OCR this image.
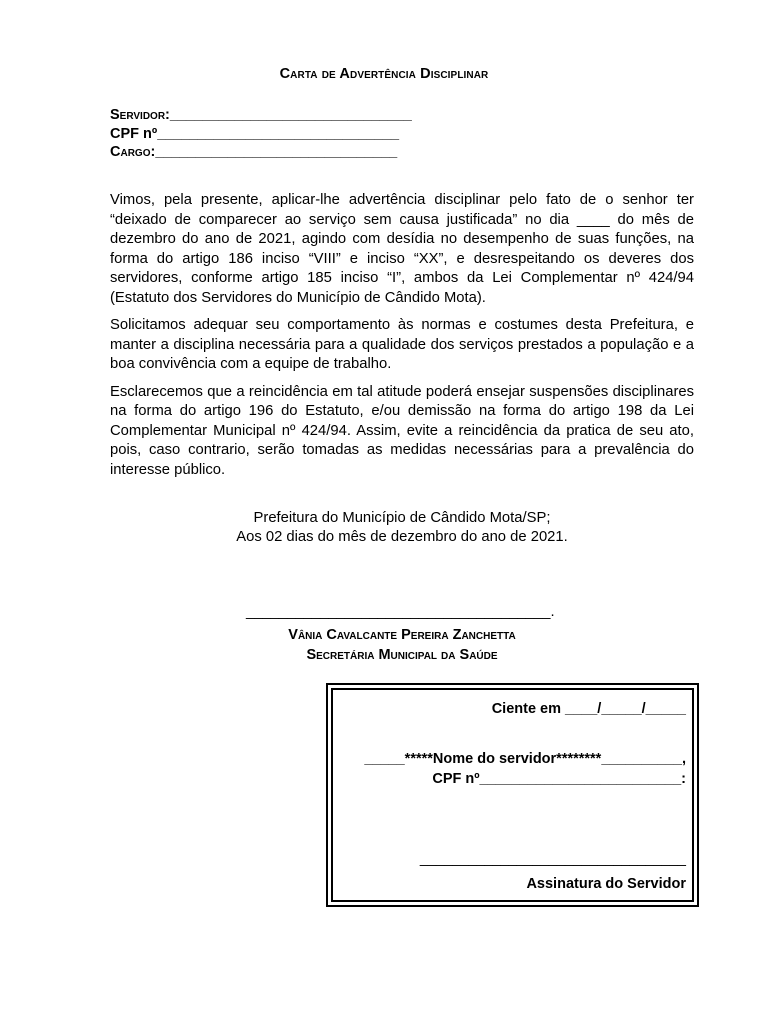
Carta de Advertência Disciplinar
Servidor:______________________________
CPF nº______________________________
Cargo:______________________________

Vimos, pela presente, aplicar-lhe advertência disciplinar pelo fato de o senhor ter “deixado de comparecer ao serviço sem causa justificada” no dia ____ do mês de dezembro do ano de 2021, agindo com desídia no desempenho de suas funções, na forma do artigo 186 inciso “VIII” e inciso “XX”, e desrespeitando os deveres dos servidores, conforme artigo 185 inciso “I”, ambos da Lei Complementar nº 424/94 (Estatuto dos Servidores do Município de Cândido Mota).

Solicitamos adequar seu comportamento às normas e costumes desta Prefeitura, e manter a disciplina necessária para a qualidade dos serviços prestados a população e a boa convivência com a equipe de trabalho.

Esclarecemos que a reincidência em tal atitude poderá ensejar suspensões disciplinares na forma do artigo 196 do Estatuto, e/ou demissão na forma do artigo 198 da Lei Complementar Municipal nº 424/94. Assim, evite a reincidência da pratica de seu ato, pois, caso contrario, serão tomadas as medidas necessárias para a prevalência do interesse público.

Prefeitura do Município de Cândido Mota/SP;
Aos 02 dias do mês de dezembro do ano de 2021.
_____________________________________.
Vânia Cavalcante Pereira Zanchetta
Secretária Municipal da Saúde
Ciente em ____/_____/_____
_____*****Nome do servidor********__________,
CPF nº_________________________:
_________________________________
Assinatura do Servidor
